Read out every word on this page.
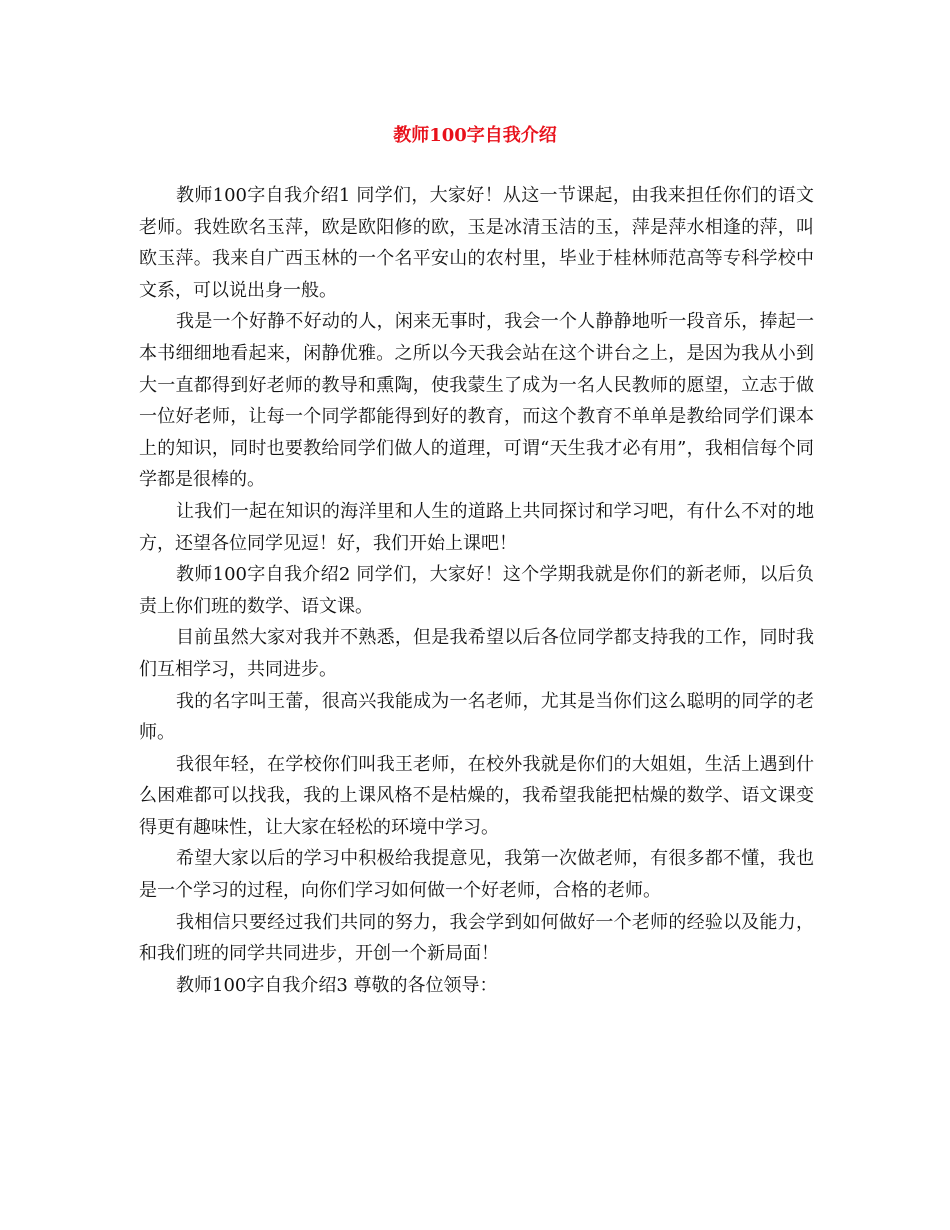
教师100字自我介绍

教师100字自我介绍1 同学们，大家好！从这一节课起，由我来担任你们的语文老师。我姓欧名玉萍，欧是欧阳修的欧，玉是冰清玉洁的玉，萍是萍水相逢的萍，叫欧玉萍。我来自广西玉林的一个名平安山的农村里，毕业于桂林师范高等专科学校中文系，可以说出身一般。

我是一个好静不好动的人，闲来无事时，我会一个人静静地听一段音乐，捧起一本书细细地看起来，闲静优雅。之所以今天我会站在这个讲台之上，是因为我从小到大一直都得到好老师的教导和熏陶，使我蒙生了成为一名人民教师的愿望，立志于做一位好老师，让每一个同学都能得到好的教育，而这个教育不单单是教给同学们课本上的知识，同时也要教给同学们做人的道理，可谓“天生我才必有用”，我相信每个同学都是很棒的。

让我们一起在知识的海洋里和人生的道路上共同探讨和学习吧，有什么不对的地方，还望各位同学见逗！好，我们开始上课吧！

教师100字自我介绍2 同学们，大家好！这个学期我就是你们的新老师，以后负责上你们班的数学、语文课。

目前虽然大家对我并不熟悉，但是我希望以后各位同学都支持我的工作，同时我们互相学习，共同进步。

我的名字叫王蕾，很高兴我能成为一名老师，尤其是当你们这么聪明的同学的老师。

我很年轻，在学校你们叫我王老师，在校外我就是你们的大姐姐，生活上遇到什么困难都可以找我，我的上课风格不是枯燥的，我希望我能把枯燥的数学、语文课变得更有趣味性，让大家在轻松的环境中学习。

希望大家以后的学习中积极给我提意见，我第一次做老师，有很多都不懂，我也是一个学习的过程，向你们学习如何做一个好老师，合格的老师。

我相信只要经过我们共同的努力，我会学到如何做好一个老师的经验以及能力，和我们班的同学共同进步，开创一个新局面！

教师100字自我介绍3 尊敬的各位领导：
